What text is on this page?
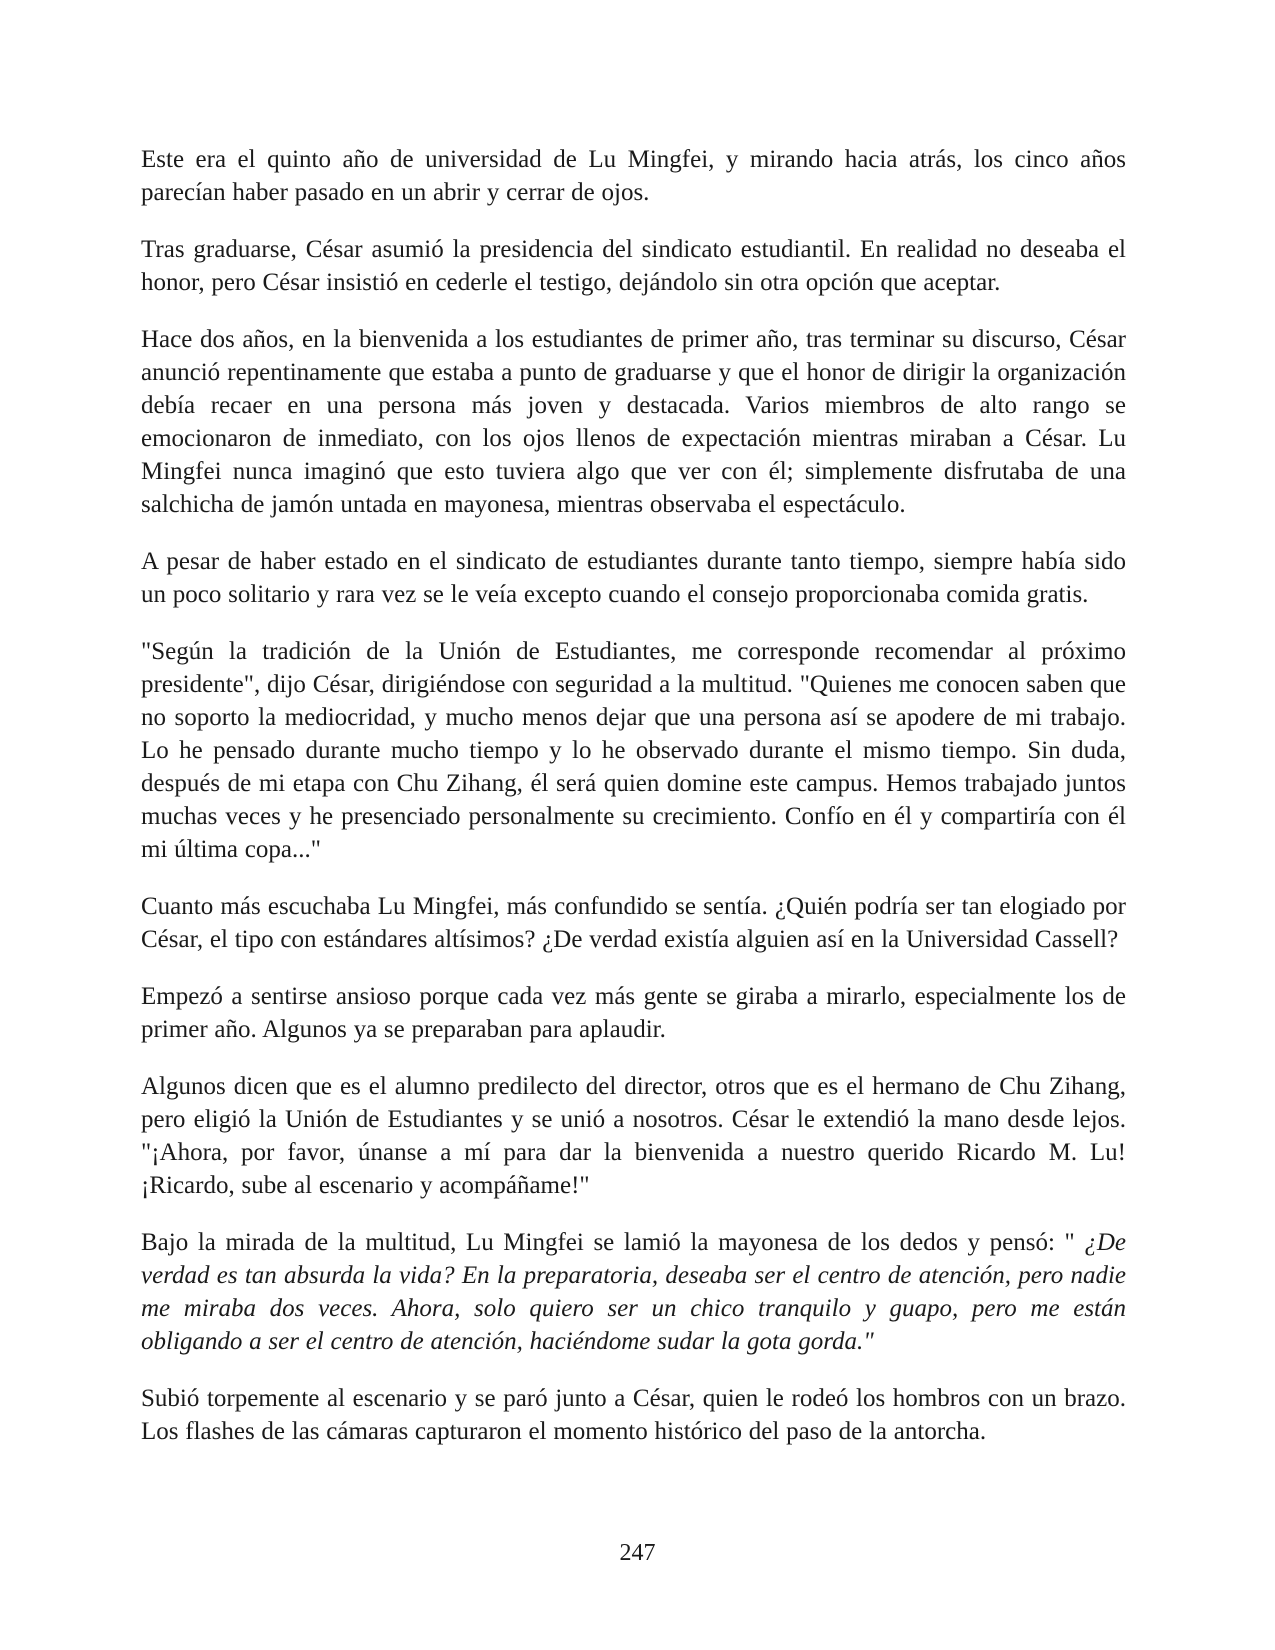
Este era el quinto año de universidad de Lu Mingfei, y mirando hacia atrás, los cinco años parecían haber pasado en un abrir y cerrar de ojos.

Tras graduarse, César asumió la presidencia del sindicato estudiantil. En realidad no deseaba el honor, pero César insistió en cederle el testigo, dejándolo sin otra opción que aceptar.

Hace dos años, en la bienvenida a los estudiantes de primer año, tras terminar su discurso, César anunció repentinamente que estaba a punto de graduarse y que el honor de dirigir la organización debía recaer en una persona más joven y destacada. Varios miembros de alto rango se emocionaron de inmediato, con los ojos llenos de expectación mientras miraban a César. Lu Mingfei nunca imaginó que esto tuviera algo que ver con él; simplemente disfrutaba de una salchicha de jamón untada en mayonesa, mientras observaba el espectáculo.

A pesar de haber estado en el sindicato de estudiantes durante tanto tiempo, siempre había sido un poco solitario y rara vez se le veía excepto cuando el consejo proporcionaba comida gratis.

"Según la tradición de la Unión de Estudiantes, me corresponde recomendar al próximo presidente", dijo César, dirigiéndose con seguridad a la multitud. "Quienes me conocen saben que no soporto la mediocridad, y mucho menos dejar que una persona así se apodere de mi trabajo. Lo he pensado durante mucho tiempo y lo he observado durante el mismo tiempo. Sin duda, después de mi etapa con Chu Zihang, él será quien domine este campus. Hemos trabajado juntos muchas veces y he presenciado personalmente su crecimiento. Confío en él y compartiría con él mi última copa..."

Cuanto más escuchaba Lu Mingfei, más confundido se sentía. ¿Quién podría ser tan elogiado por César, el tipo con estándares altísimos? ¿De verdad existía alguien así en la Universidad Cassell?

Empezó a sentirse ansioso porque cada vez más gente se giraba a mirarlo, especialmente los de primer año. Algunos ya se preparaban para aplaudir.

Algunos dicen que es el alumno predilecto del director, otros que es el hermano de Chu Zihang, pero eligió la Unión de Estudiantes y se unió a nosotros. César le extendió la mano desde lejos. "¡Ahora, por favor, únanse a mí para dar la bienvenida a nuestro querido Ricardo M. Lu! ¡Ricardo, sube al escenario y acompáñame!"

Bajo la mirada de la multitud, Lu Mingfei se lamió la mayonesa de los dedos y pensó: " ¿De verdad es tan absurda la vida? En la preparatoria, deseaba ser el centro de atención, pero nadie me miraba dos veces. Ahora, solo quiero ser un chico tranquilo y guapo, pero me están obligando a ser el centro de atención, haciéndome sudar la gota gorda."

Subió torpemente al escenario y se paró junto a César, quien le rodeó los hombros con un brazo. Los flashes de las cámaras capturaron el momento histórico del paso de la antorcha.

247
